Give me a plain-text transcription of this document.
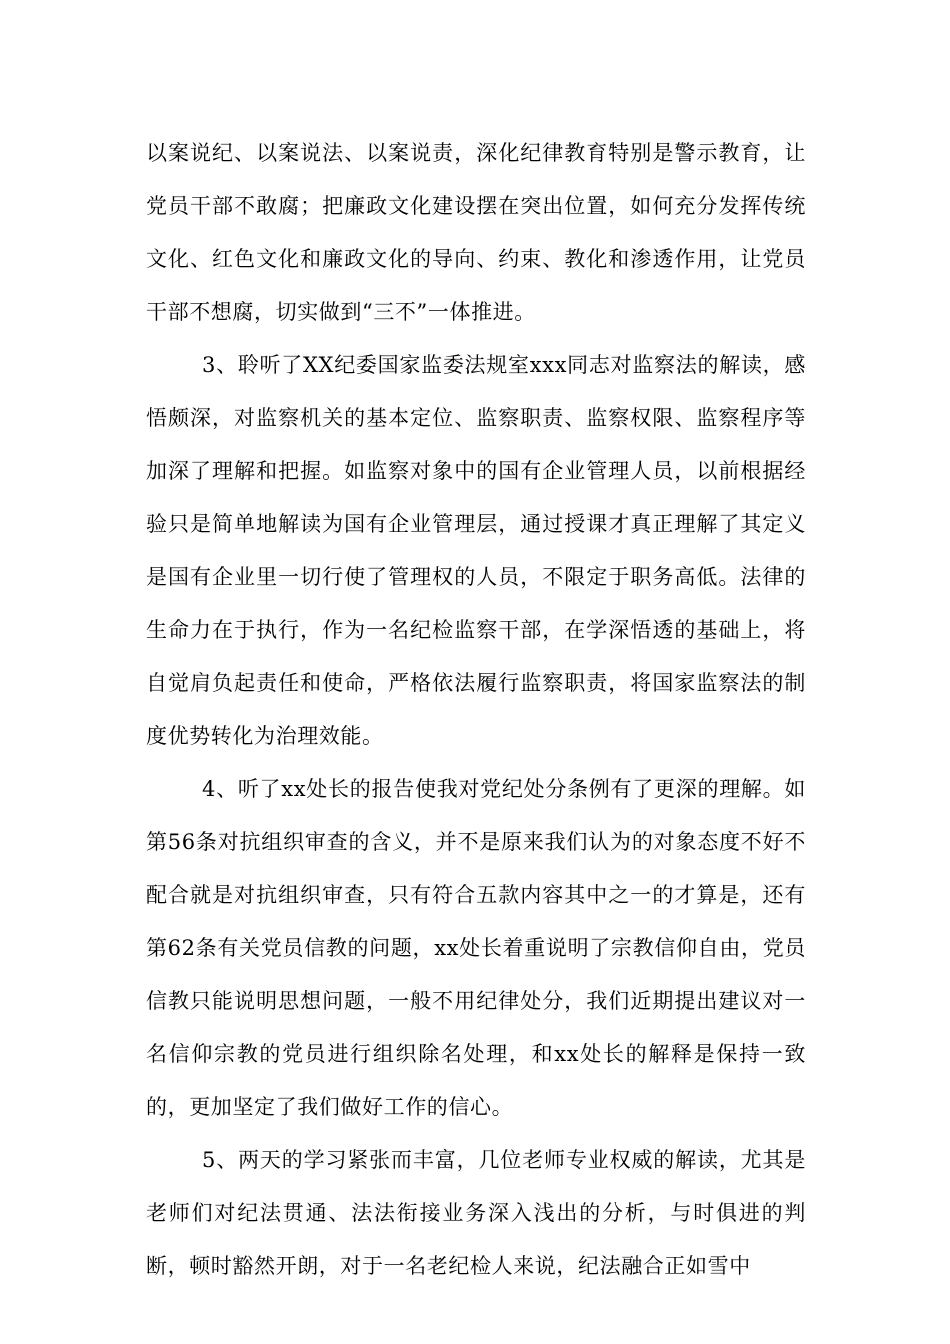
以案说纪、以案说法、以案说责，深化纪律教育特别是警示教育，让党员干部不敢腐；把廉政文化建设摆在突出位置，如何充分发挥传统文化、红色文化和廉政文化的导向、约束、教化和渗透作用，让党员干部不想腐，切实做到“三不”一体推进。

3、聆听了XX纪委国家监委法规室xxx同志对监察法的解读，感悟颇深，对监察机关的基本定位、监察职责、监察权限、监察程序等加深了理解和把握。如监察对象中的国有企业管理人员，以前根据经验只是简单地解读为国有企业管理层，通过授课才真正理解了其定义是国有企业里一切行使了管理权的人员，不限定于职务高低。法律的生命力在于执行，作为一名纪检监察干部，在学深悟透的基础上，将自觉肩负起责任和使命，严格依法履行监察职责，将国家监察法的制度优势转化为治理效能。

4、听了xx处长的报告使我对党纪处分条例有了更深的理解。如第56条对抗组织审查的含义，并不是原来我们认为的对象态度不好不配合就是对抗组织审查，只有符合五款内容其中之一的才算是，还有第62条有关党员信教的问题，xx处长着重说明了宗教信仰自由，党员信教只能说明思想问题，一般不用纪律处分，我们近期提出建议对一名信仰宗教的党员进行组织除名处理，和xx处长的解释是保持一致的，更加坚定了我们做好工作的信心。

5、两天的学习紧张而丰富，几位老师专业权威的解读，尤其是老师们对纪法贯通、法法衔接业务深入浅出的分析，与时俱进的判断，顿时豁然开朗，对于一名老纪检人来说，纪法融合正如雪中
